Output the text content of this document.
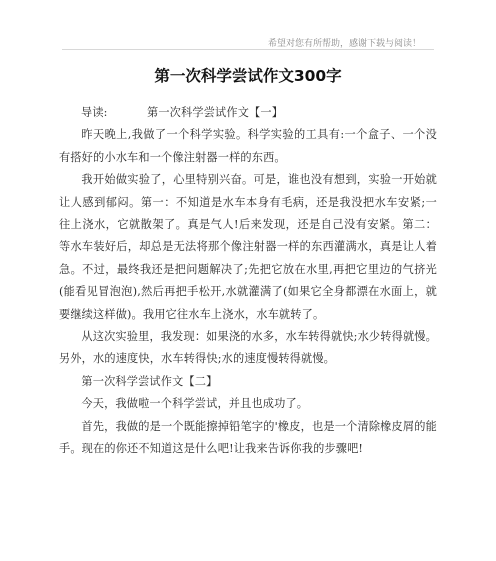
希望对您有所帮助，感谢下载与阅读！
第一次科学尝试作文300字

导读:	第一次科学尝试作文【一】

昨天晚上,我做了一个科学实验。科学实验的工具有:一个盒子、一个没有搭好的小水车和一个像注射器一样的东西。

我开始做实验了，心里特别兴奋。可是，谁也没有想到，实验一开始就让人感到郁闷。第一：不知道是水车本身有毛病，还是我没把水车安紧;一往上浇水，它就散架了。真是气人!后来发现，还是自己没有安紧。第二：等水车装好后，却总是无法将那个像注射器一样的东西灌满水，真是让人着急。不过，最终我还是把问题解决了;先把它放在水里,再把它里边的气挤光(能看见冒泡泡),然后再把手松开,水就灌满了(如果它全身都漂在水面上，就要继续这样做)。我用它往水车上浇水，水车就转了。

从这次实验里，我发现：如果浇的水多，水车转得就快;水少转得就慢。另外，水的速度快，水车转得快;水的速度慢转得就慢。

第一次科学尝试作文【二】

今天，我做啦一个科学尝试，并且也成功了。

首先，我做的是一个既能擦掉铅笔字的'橡皮，也是一个清除橡皮屑的能手。现在的你还不知道这是什么吧!让我来告诉你我的步骤吧!
